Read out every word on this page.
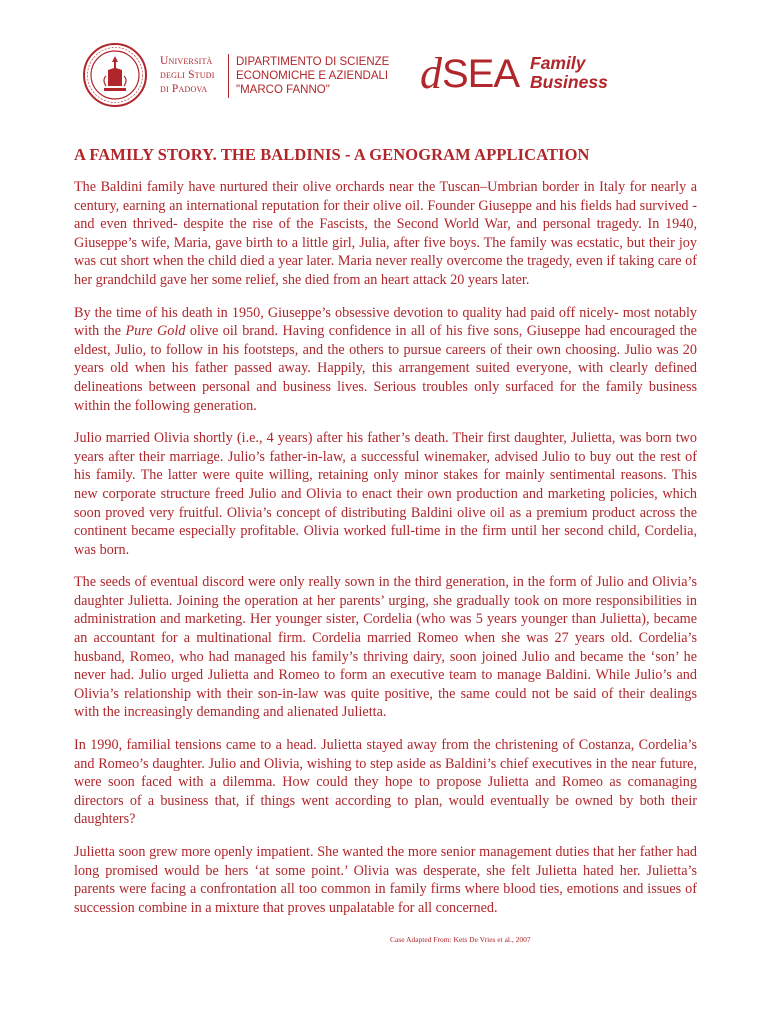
Università
degli Studi
di Padova
DIPARTIMENTO DI SCIENZE
ECONOMICHE E AZIENDALI
"MARCO FANNO"	dSEA Family
Business
A FAMILY STORY. THE BALDINIS - A GENOGRAM APPLICATION

The Baldini family have nurtured their olive orchards near the Tuscan–Umbrian border in Italy for nearly a century, earning an international reputation for their olive oil. Founder Giuseppe and his fields had survived -and even thrived- despite the rise of the Fascists, the Second World War, and personal tragedy. In 1940, Giuseppe’s wife, Maria, gave birth to a little girl, Julia, after five boys. The family was ecstatic, but their joy was cut short when the child died a year later. Maria never really overcome the tragedy, even if taking care of her grandchild gave her some relief, she died from an heart attack 20 years later.

By the time of his death in 1950, Giuseppe’s obsessive devotion to quality had paid off nicely- most notably with the Pure Gold olive oil brand. Having confidence in all of his five sons, Giuseppe had encouraged the eldest, Julio, to follow in his footsteps, and the others to pursue careers of their own choosing. Julio was 20 years old when his father passed away. Happily, this arrangement suited everyone, with clearly defined delineations between personal and business lives. Serious troubles only surfaced for the family business within the following generation.

Julio married Olivia shortly (i.e., 4 years) after his father’s death. Their first daughter, Julietta, was born two years after their marriage. Julio’s father-in-law, a successful winemaker, advised Julio to buy out the rest of his family. The latter were quite willing, retaining only minor stakes for mainly sentimental reasons. This new corporate structure freed Julio and Olivia to enact their own production and marketing policies, which soon proved very fruitful. Olivia’s concept of distributing Baldini olive oil as a premium product across the continent became especially profitable. Olivia worked full-time in the firm until her second child, Cordelia, was born.

The seeds of eventual discord were only really sown in the third generation, in the form of Julio and Olivia’s daughter Julietta. Joining the operation at her parents’ urging, she gradually took on more responsibilities in administration and marketing. Her younger sister, Cordelia (who was 5 years younger than Julietta), became an accountant for a multinational firm. Cordelia married Romeo when she was 27 years old. Cordelia’s husband, Romeo, who had managed his family’s thriving dairy, soon joined Julio and became the ‘son’ he never had. Julio urged Julietta and Romeo to form an executive team to manage Baldini. While Julio’s and Olivia’s relationship with their son-in-law was quite positive, the same could not be said of their dealings with the increasingly demanding and alienated Julietta.

In 1990, familial tensions came to a head. Julietta stayed away from the christening of Costanza, Cordelia’s and Romeo’s daughter. Julio and Olivia, wishing to step aside as Baldini’s chief executives in the near future, were soon faced with a dilemma. How could they hope to propose Julietta and Romeo as comanaging directors of a business that, if things went according to plan, would eventually be owned by both their daughters?

Julietta soon grew more openly impatient. She wanted the more senior management duties that her father had long promised would be hers ‘at some point.’ Olivia was desperate, she felt Julietta hated her. Julietta’s parents were facing a confrontation all too common in family firms where blood ties, emotions and issues of succession combine in a mixture that proves unpalatable for all concerned.

Case Adapted From: Kets De Vries et al., 2007
